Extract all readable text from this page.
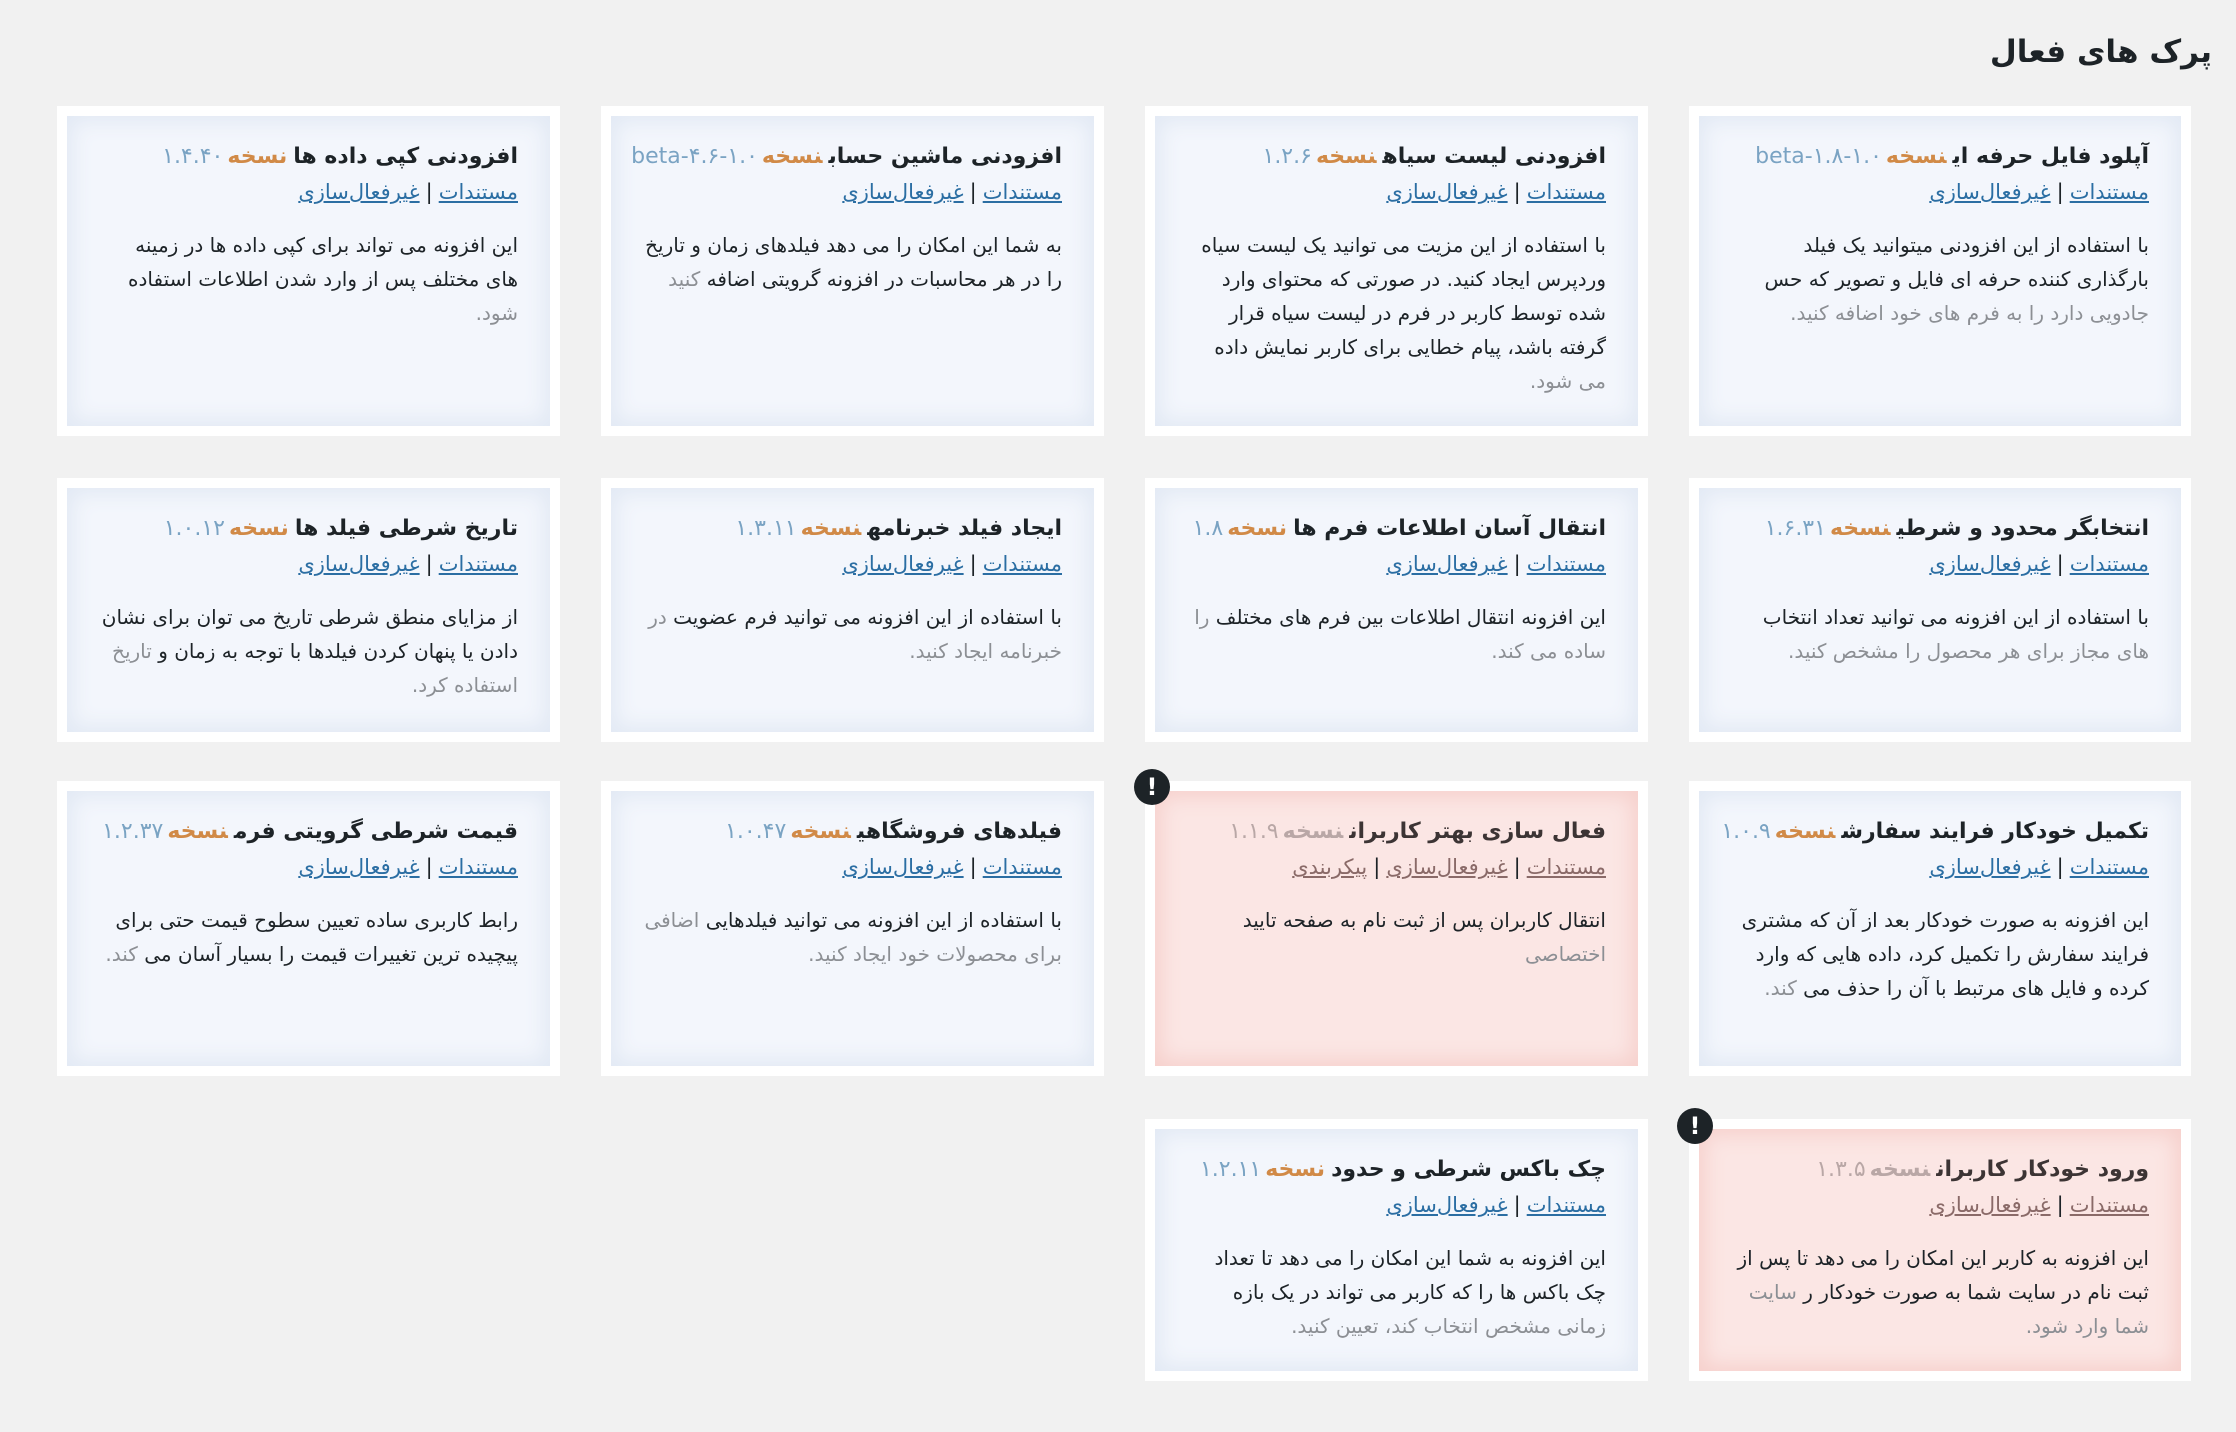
پرک های فعال
آپلود فایل حرفه اینسخهbeta-۱.۸-۱.۰
مستندات|غیرفعال‌سازی
با استفاده از این افزودنی میتوانید یک فیلد بارگذاری کننده حرفه ای فایل و تصویر که حس جادویی دارد را به فرم های خود اضافه کنید.
افزودنی لیست سیاهنسخه۱.۲.۶
مستندات|غیرفعال‌سازی
با استفاده از این مزیت می توانید یک لیست سیاه وردپرس ایجاد کنید. در صورتی که محتوای وارد شده توسط کاربر در فرم در لیست سیاه قرار گرفته باشد، پیام خطایی برای کاربر نمایش داده می شود.
افزودنی ماشین حسابنسخهbeta-۴.۶-۱.۰
مستندات|غیرفعال‌سازی
به شما این امکان را می دهد فیلدهای زمان و تاریخ را در هر محاسبات در افزونه گرویتی اضافه کنید
افزودنی کپی داده هانسخه۱.۴.۴۰
مستندات|غیرفعال‌سازی
این افزونه می تواند برای کپی داده ها در زمینه های مختلف پس از وارد شدن اطلاعات استفاده شود.
انتخابگر محدود و شرطینسخه۱.۶.۳۱
مستندات|غیرفعال‌سازی
با استفاده از این افزونه می توانید تعداد انتخاب های مجاز برای هر محصول را مشخص کنید.
انتقال آسان اطلاعات فرم هانسخه۱.۸
مستندات|غیرفعال‌سازی
این افزونه انتقال اطلاعات بین فرم های مختلف را ساده می کند.
ایجاد فیلد خبرنامهنسخه۱.۳.۱۱
مستندات|غیرفعال‌سازی
با استفاده از این افزونه می توانید فرم عضویت در خبرنامه ایجاد کنید.
تاریخ شرطی فیلد هانسخه۱.۰.۱۲
مستندات|غیرفعال‌سازی
از مزایای منطق شرطی تاریخ می توان برای نشان دادن یا پنهان کردن فیلدها با توجه به زمان و تاریخ استفاده کرد.
تکمیل خودکار فرایند سفارشنسخه۱.۰.۹
مستندات|غیرفعال‌سازی
این افزونه به صورت خودکار بعد از آن که مشتری فرایند سفارش را تکمیل کرد، داده هایی که وارد کرده و فایل های مرتبط با آن را حذف می کند.
فعال سازی بهتر کاربراننسخه۱.۱.۹
مستندات|غیرفعال‌سازی|پیکربندی
انتقال کاربران پس از ثبت نام به صفحه تایید اختصاصی
!
فیلدهای فروشگاهینسخه۱.۰.۴۷
مستندات|غیرفعال‌سازی
با استفاده از این افزونه می توانید فیلدهایی اضافی برای محصولات خود ایجاد کنید.
قیمت شرطی گرویتی فرمنسخه۱.۲.۳۷
مستندات|غیرفعال‌سازی
رابط کاربری ساده تعیین سطوح قیمت حتی برای پیچیده ترین تغییرات قیمت را بسیار آسان می کند.
ورود خودکار کاربراننسخه۱.۳.۵
مستندات|غیرفعال‌سازی
این افزونه به کاربر این امکان را می دهد تا پس از ثبت نام در سایت شما به صورت خودکار ر سایت شما وارد شود.
!
چک باکس شرطی و حدودنسخه۱.۲.۱۱
مستندات|غیرفعال‌سازی
این افزونه به شما این امکان را می دهد تا تعداد چک باکس ها را که کاربر می تواند در یک بازه زمانی مشخص انتخاب کند، تعیین کنید.
